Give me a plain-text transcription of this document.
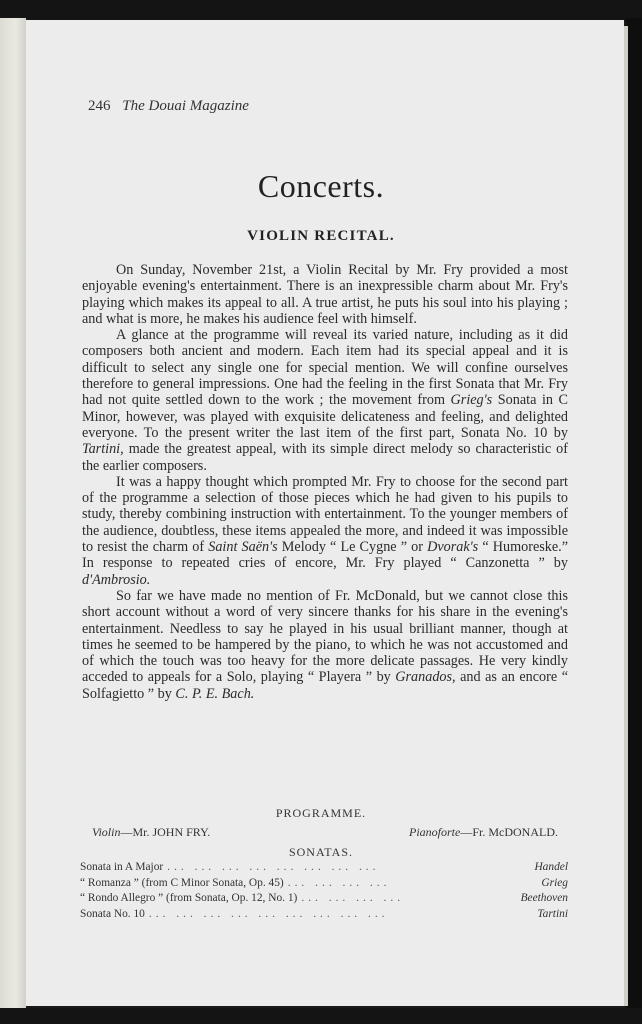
246 The Douai Magazine
Concerts.
VIOLIN RECITAL.

On Sunday, November 21st, a Violin Recital by Mr. Fry provided a most enjoyable evening's entertainment. There is an inexpressible charm about Mr. Fry's playing which makes its appeal to all. A true artist, he puts his soul into his playing ; and what is more, he makes his audience feel with himself.

A glance at the programme will reveal its varied nature, including as it did composers both ancient and modern. Each item had its special appeal and it is difficult to select any single one for special mention. We will confine ourselves therefore to general impressions. One had the feeling in the first Sonata that Mr. Fry had not quite settled down to the work ; the movement from Grieg's Sonata in C Minor, however, was played with exquisite delicateness and feeling, and delighted everyone. To the present writer the last item of the first part, Sonata No. 10 by Tartini, made the greatest appeal, with its simple direct melody so characteristic of the earlier composers.

It was a happy thought which prompted Mr. Fry to choose for the second part of the programme a selection of those pieces which he had given to his pupils to study, thereby combining instruction with entertainment. To the younger members of the audience, doubtless, these items appealed the more, and indeed it was impossible to resist the charm of Saint Saën's Melody “ Le Cygne ” or Dvorak's “ Humoreske.” In response to repeated cries of encore, Mr. Fry played “ Canzonetta ” by d'Ambrosio.

So far we have made no mention of Fr. McDonald, but we cannot close this short account without a word of very sincere thanks for his share in the evening's entertainment. Needless to say he played in his usual brilliant manner, though at times he seemed to be hampered by the piano, to which he was not accustomed and of which the touch was too heavy for the more delicate passages. He very kindly acceded to appeals for a Solo, playing “ Playera ” by Granados, and as an encore “ Solfagietto ” by C. P. E. Bach.

PROGRAMME.
Violin—Mr. JOHN FRY.	Pianoforte—Fr. McDONALD.
SONATAS.
Sonata in A Major ... ... ... ... ... ... ... ...	Handel
“ Romanza ” (from C Minor Sonata, Op. 45) ... ... ... ...	Grieg
“ Rondo Allegro ” (from Sonata, Op. 12, No. 1) ... ... ... ...	Beethoven
Sonata No. 10 ... ... ... ... ... ... ... ... ...	Tartini
